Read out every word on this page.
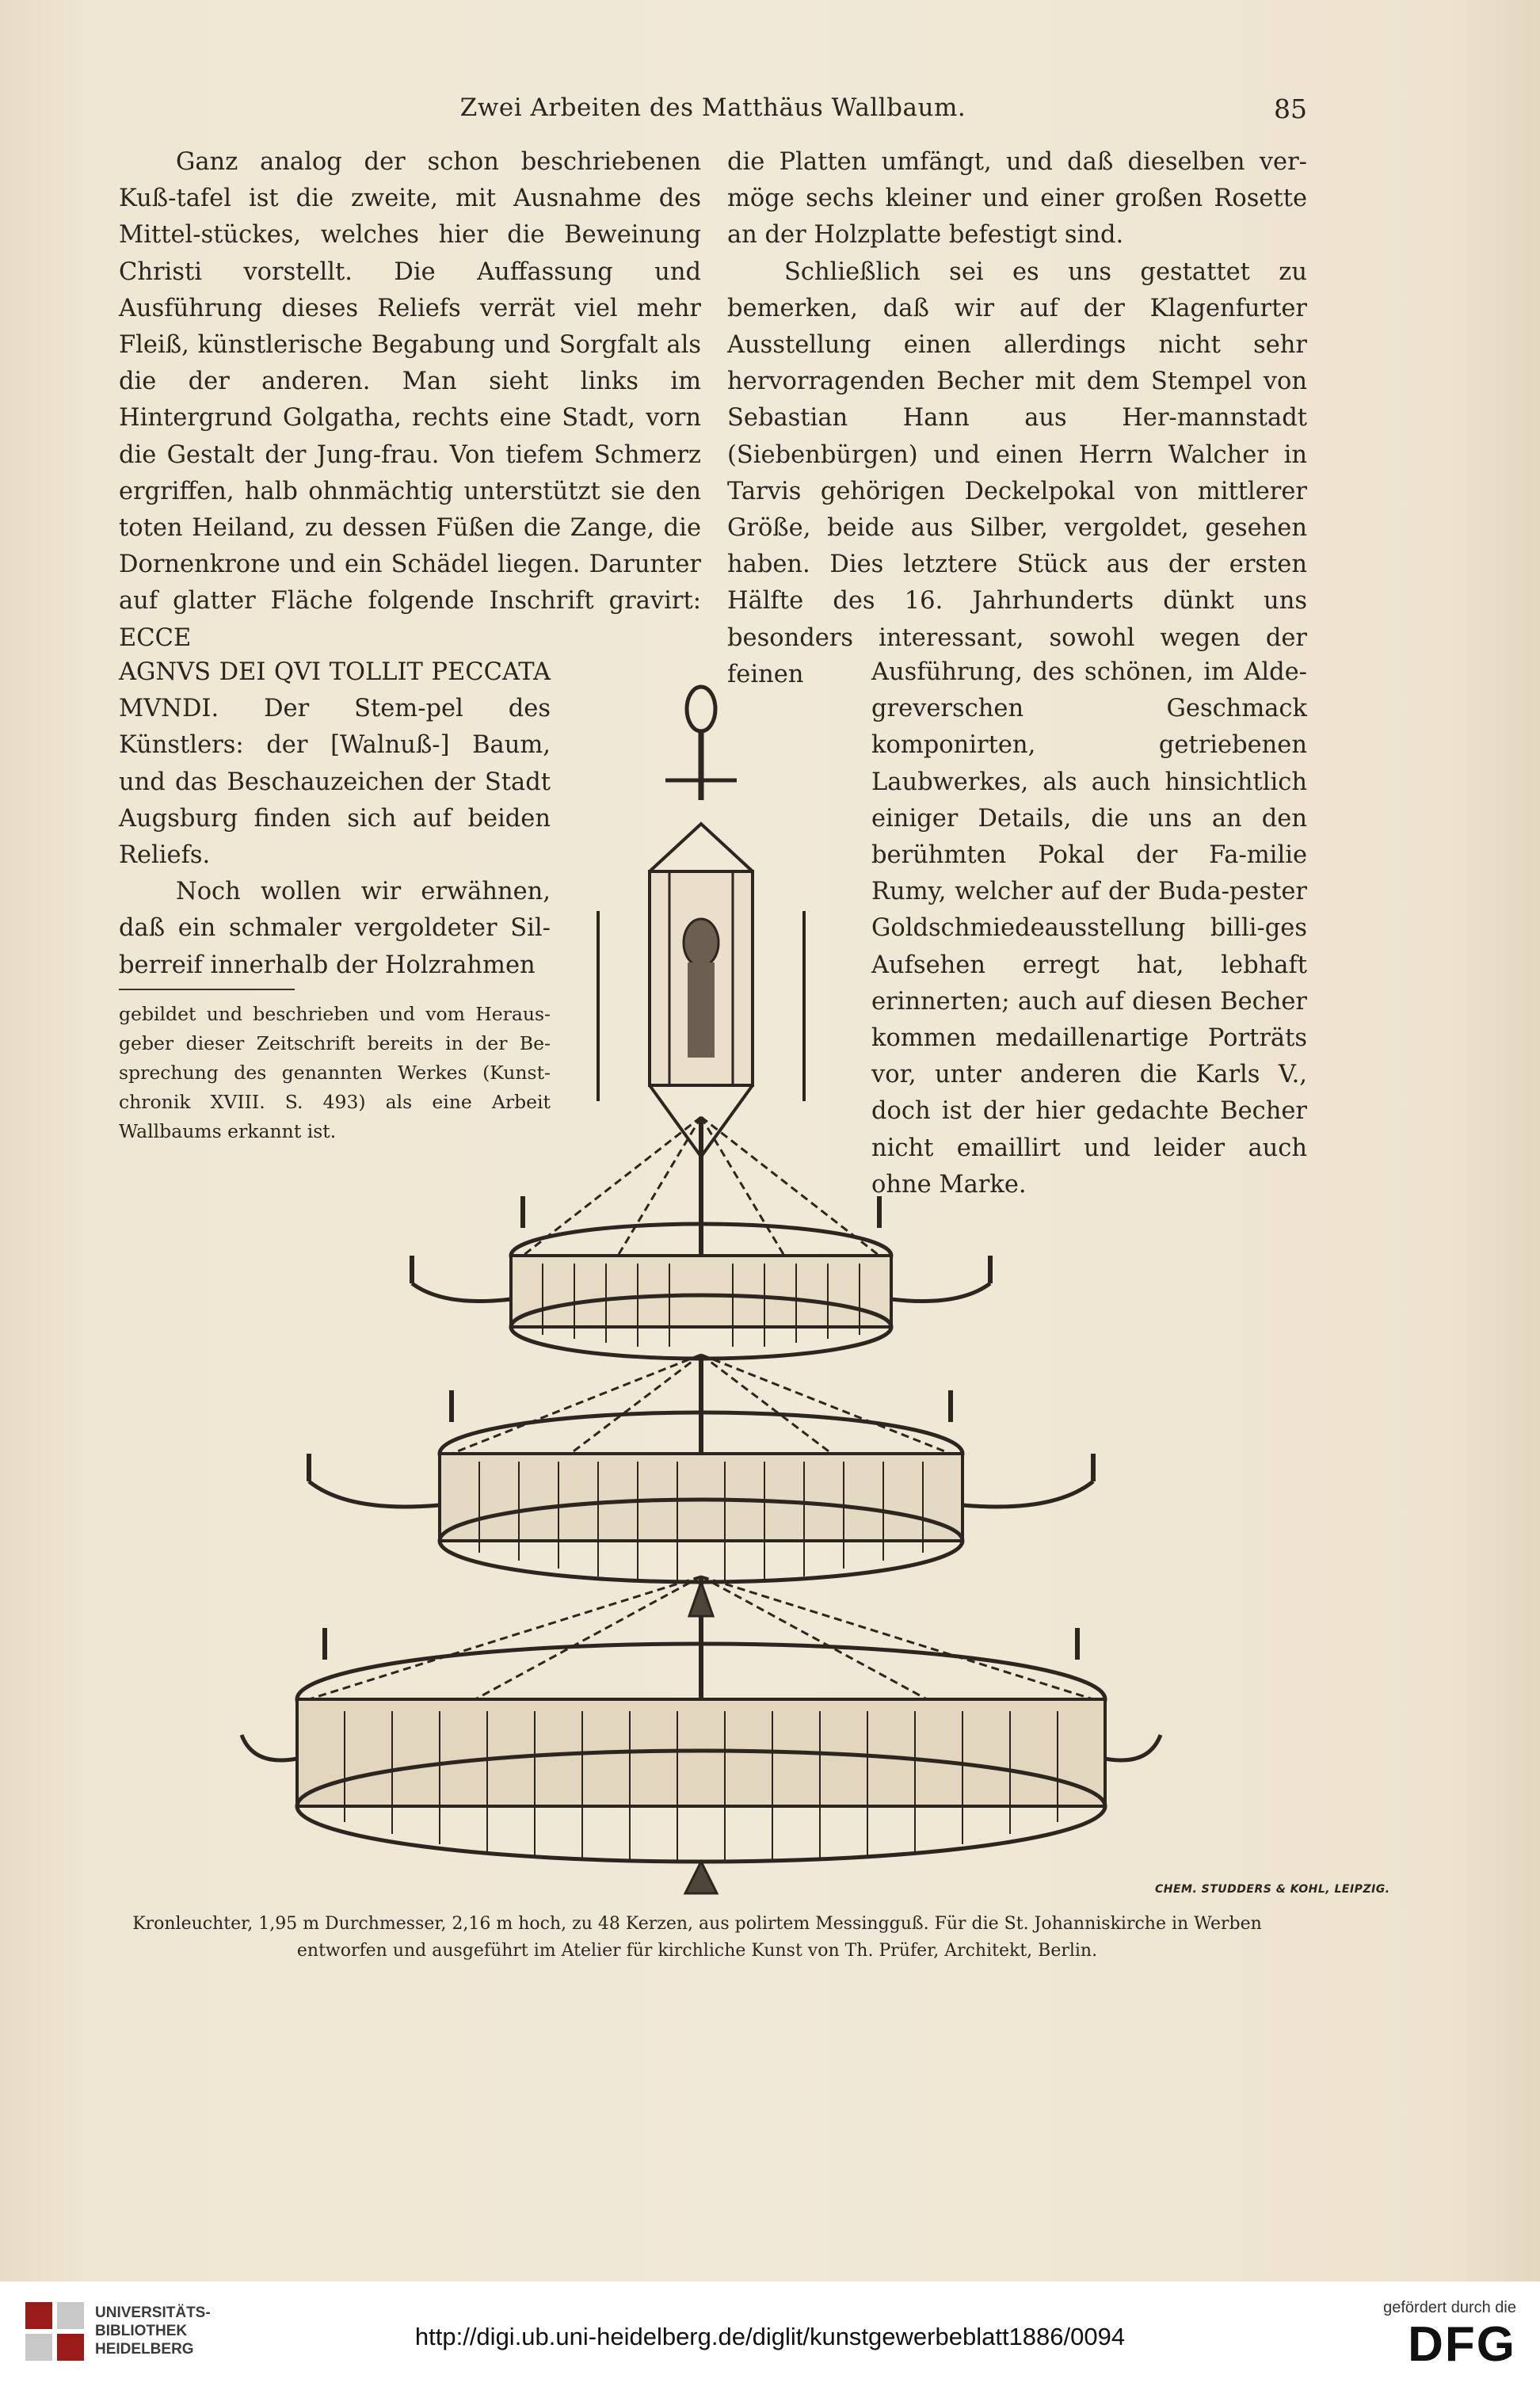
Zwei Arbeiten des Matthäus Wallbaum.	85

Ganz analog der schon beschriebenen Kuß-tafel ist die zweite, mit Ausnahme des Mittel-stückes, welches hier die Beweinung Christi vorstellt. Die Auffassung und Ausführung dieses Reliefs verrät viel mehr Fleiß, künstlerische Begabung und Sorgfalt als die der anderen. Man sieht links im Hintergrund Golgatha, rechts eine Stadt, vorn die Gestalt der Jung-frau. Von tiefem Schmerz ergriffen, halb ohnmächtig unterstützt sie den toten Heiland, zu dessen Füßen die Zange, die Dornenkrone und ein Schädel liegen. Darunter auf glatter Fläche folgende Inschrift gravirt: ECCE

AGNVS DEI QVI TOLLIT PECCATA MVNDI. Der Stem-pel des Künstlers: der [Walnuß-] Baum, und das Beschauzeichen der Stadt Augsburg finden sich auf beiden Reliefs.

Noch wollen wir erwähnen, daß ein schmaler vergoldeter Sil-berreif innerhalb der Holzrahmen

gebildet und beschrieben und vom Heraus-geber dieser Zeitschrift bereits in der Be-sprechung des genannten Werkes (Kunst-chronik XVIII. S. 493) als eine Arbeit Wallbaums erkannt ist.

die Platten umfängt, und daß dieselben ver-möge sechs kleiner und einer großen Rosette an der Holzplatte befestigt sind.

Schließlich sei es uns gestattet zu bemerken, daß wir auf der Klagenfurter Ausstellung einen allerdings nicht sehr hervorragenden Becher mit dem Stempel von Sebastian Hann aus Her-mannstadt (Siebenbürgen) und einen Herrn Walcher in Tarvis gehörigen Deckelpokal von mittlerer Größe, beide aus Silber, vergoldet, gesehen haben. Dies letztere Stück aus der ersten Hälfte des 16. Jahrhunderts dünkt uns besonders interessant, sowohl wegen der feinen	Ausführung, des schönen, im Alde-greverschen Geschmack komponirten, getriebenen Laubwerkes, als auch hinsichtlich einiger Details, die uns an den berühmten Pokal der Fa-milie Rumy, welcher auf der Buda-pester Goldschmiedeausstellung billi-ges Aufsehen erregt hat, lebhaft erinnerten; auch auf diesen Becher kommen medaillenartige Porträts vor, unter anderen die Karls V., doch ist der hier gedachte Becher nicht emaillirt und leider auch ohne Marke.

CHEM. STUDDERS & KOHL, LEIPZIG.
Kronleuchter, 1,95 m Durchmesser, 2,16 m hoch, zu 48 Kerzen, aus polirtem Messingguß. Für die St. Johanniskirche in Werben
entworfen und ausgeführt im Atelier für kirchliche Kunst von Th. Prüfer, Architekt, Berlin.
UNIVERSITÄTS-
BIBLIOTHEK
HEIDELBERG	http://digi.ub.uni-heidelberg.de/diglit/kunstgewerbeblatt1886/0094
gefördert durch die
DFG
